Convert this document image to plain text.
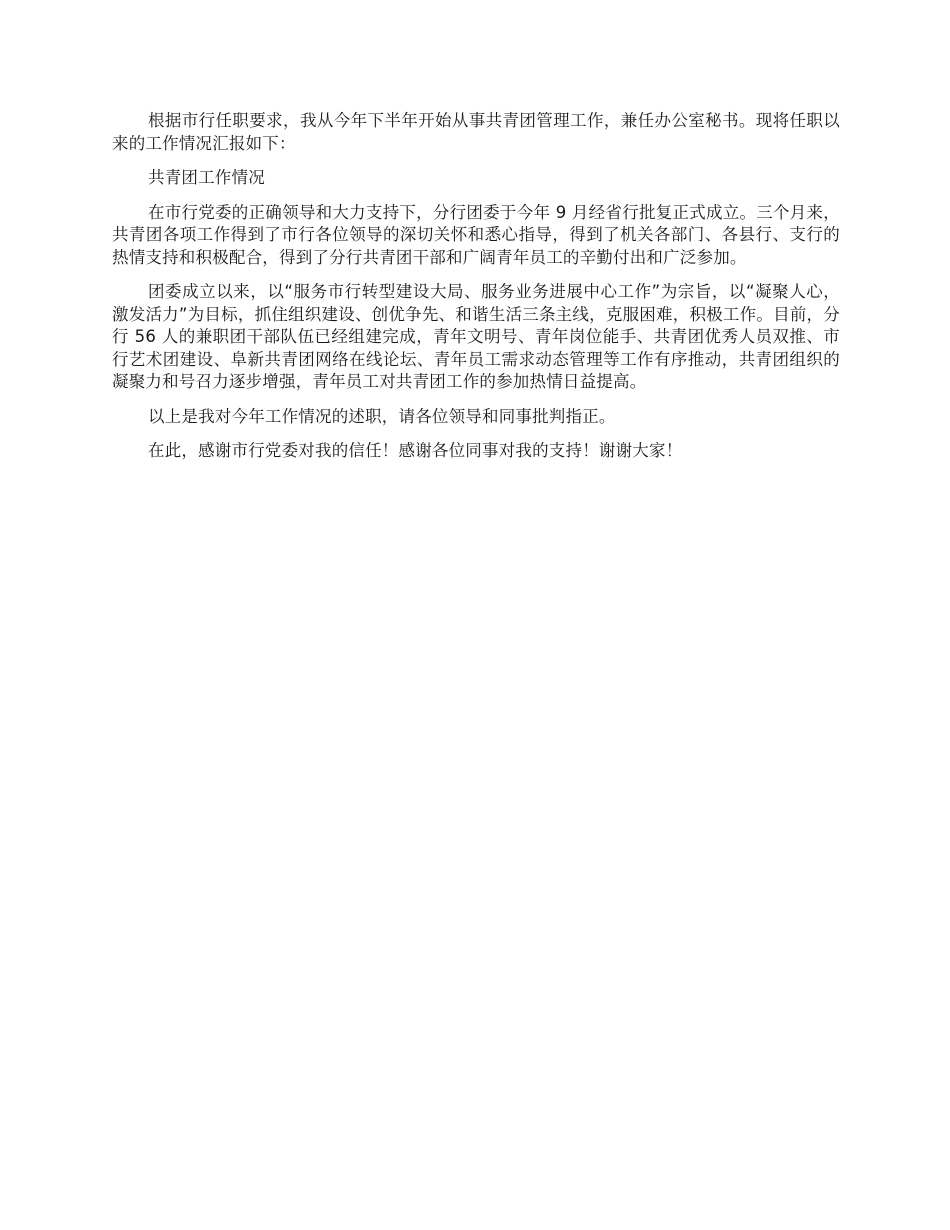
根据市行任职要求，我从今年下半年开始从事共青团管理工作，兼任办公室秘书。现将任职以来的工作情况汇报如下：

共青团工作情况

在市行党委的正确领导和大力支持下，分行团委于今年 9 月经省行批复正式成立。三个月来，共青团各项工作得到了市行各位领导的深切关怀和悉心指导，得到了机关各部门、各县行、支行的热情支持和积极配合，得到了分行共青团干部和广阔青年员工的辛勤付出和广泛参加。

团委成立以来，以“服务市行转型建设大局、服务业务进展中心工作”为宗旨，以“凝聚人心，激发活力”为目标，抓住组织建设、创优争先、和谐生活三条主线，克服困难，积极工作。目前，分行 56 人的兼职团干部队伍已经组建完成，青年文明号、青年岗位能手、共青团优秀人员双推、市行艺术团建设、阜新共青团网络在线论坛、青年员工需求动态管理等工作有序推动，共青团组织的凝聚力和号召力逐步增强，青年员工对共青团工作的参加热情日益提高。

以上是我对今年工作情况的述职，请各位领导和同事批判指正。

在此，感谢市行党委对我的信任！感谢各位同事对我的支持！谢谢大家！
